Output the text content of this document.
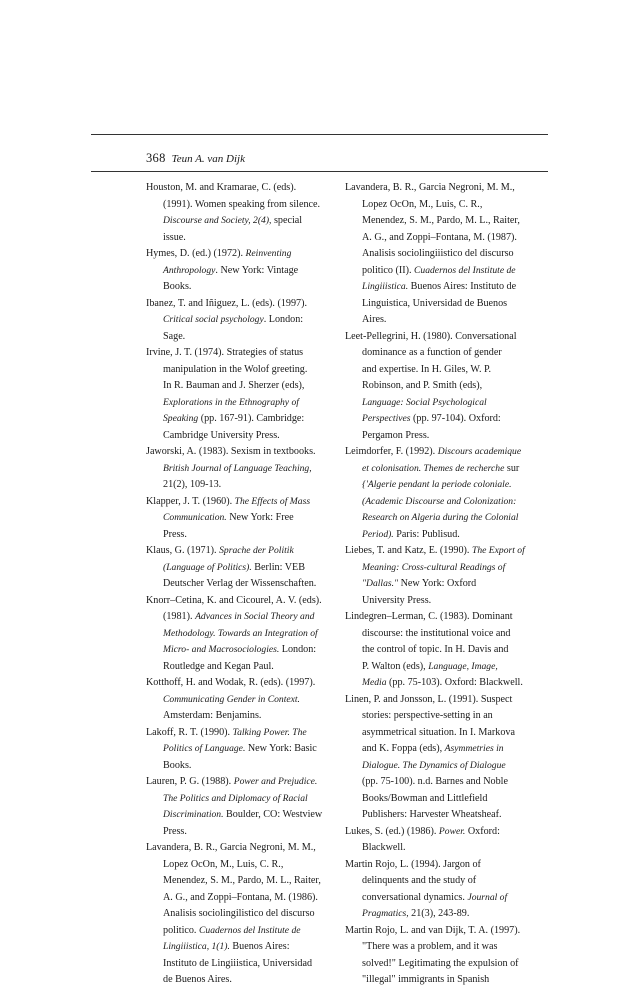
368 Teun A. van Dijk

Houston, M. and Kramarae, C. (eds).
(1991). Women speaking from silence.
Discourse and Society, 2(4), special
issue.

Hymes, D. (ed.) (1972). Reinventing
Anthropology. New York: Vintage
Books.

Ibanez, T. and Iñiguez, L. (eds). (1997).
Critical social psychology. London:
Sage.

Irvine, J. T. (1974). Strategies of status
manipulation in the Wolof greeting.
In R. Bauman and J. Sherzer (eds),
Explorations in the Ethnography of
Speaking (pp. 167-91). Cambridge:
Cambridge University Press.

Jaworski, A. (1983). Sexism in textbooks.
British Journal of Language Teaching,
21(2), 109-13.

Klapper, J. T. (1960). The Effects of Mass
Communication. New York: Free
Press.

Klaus, G. (1971). Sprache der Politik
(Language of Politics). Berlin: VEB
Deutscher Verlag der Wissenschaften.

Knorr–Cetina, K. and Cicourel, A. V. (eds).
(1981). Advances in Social Theory and
Methodology. Towards an Integration of
Micro- and Macrosociologies. London:
Routledge and Kegan Paul.

Kotthoff, H. and Wodak, R. (eds). (1997).
Communicating Gender in Context.
Amsterdam: Benjamins.

Lakoff, R. T. (1990). Talking Power. The
Politics of Language. New York: Basic
Books.

Lauren, P. G. (1988). Power and Prejudice.
The Politics and Diplomacy of Racial
Discrimination. Boulder, CO: Westview
Press.

Lavandera, B. R., Garcia Negroni, M. M.,
Lopez OcOn, M., Luis, C. R.,
Menendez, S. M., Pardo, M. L., Raiter,
A. G., and Zoppi–Fontana, M. (1986).
Analisis sociolingilistico del discurso
politico. Cuadernos del Institute de
Lingiiistica, 1(1). Buenos Aires:
Instituto de Lingiiistica, Universidad
de Buenos Aires.

Lavandera, B. R., Garcia Negroni, M. M.,
Lopez OcOn, M., Luis, C. R.,
Menendez, S. M., Pardo, M. L., Raiter,
A. G., and Zoppi–Fontana, M. (1987).
Analisis sociolingiiistico del discurso
politico (II). Cuadernos del Institute de
Lingiiistica. Buenos Aires: Instituto de
Linguistica, Universidad de Buenos
Aires.

Leet-Pellegrini, H. (1980). Conversational
dominance as a function of gender
and expertise. In H. Giles, W. P.
Robinson, and P. Smith (eds),
Language: Social Psychological
Perspectives (pp. 97-104). Oxford:
Pergamon Press.

Leimdorfer, F. (1992). Discours academique
et colonisation. Themes de recherche sur
{'Algerie pendant la periode coloniale.
(Academic Discourse and Colonization:
Research on Algeria during the Colonial
Period). Paris: Publisud.

Liebes, T. and Katz, E. (1990). The Export of
Meaning: Cross-cultural Readings of
"Dallas." New York: Oxford
University Press.

Lindegren–Lerman, C. (1983). Dominant
discourse: the institutional voice and
the control of topic. In H. Davis and
P. Walton (eds), Language, Image,
Media (pp. 75-103). Oxford: Blackwell.

Linen, P. and Jonsson, L. (1991). Suspect
stories: perspective-setting in an
asymmetrical situation. In I. Markova
and K. Foppa (eds), Asymmetries in
Dialogue. The Dynamics of Dialogue
(pp. 75-100). n.d. Barnes and Noble
Books/Bowman and Littlefield
Publishers: Harvester Wheatsheaf.

Lukes, S. (ed.) (1986). Power. Oxford:
Blackwell.

Martin Rojo, L. (1994). Jargon of
delinquents and the study of
conversational dynamics. Journal of
Pragmatics, 21(3), 243-89.

Martin Rojo, L. and van Dijk, T. A. (1997).
"There was a problem, and it was
solved!" Legitimating the expulsion of
"illegal" immigrants in Spanish
